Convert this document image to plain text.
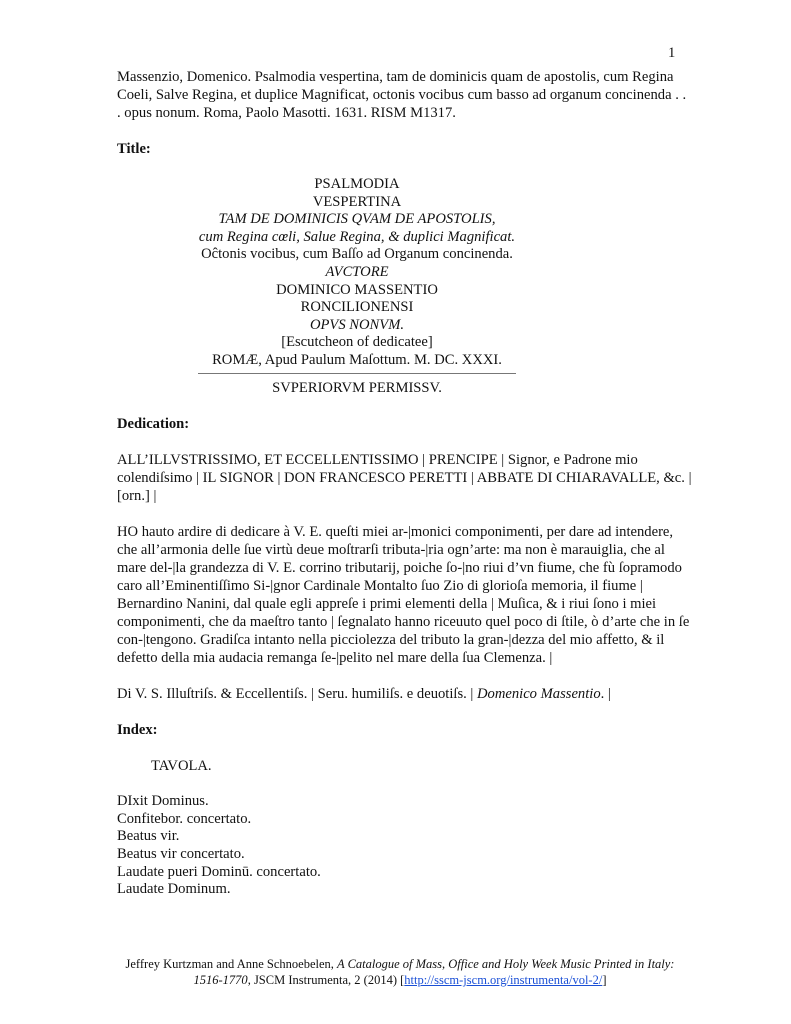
1

Massenzio, Domenico. Psalmodia vespertina, tam de dominicis quam de apostolis, cum Regina Coeli, Salve Regina, et duplice Magnificat, octonis vocibus cum basso ad organum concinenda . . . opus nonum. Roma, Paolo Masotti. 1631. RISM M1317.

Title:

PSALMODIA
VESPERTINA
TAM DE DOMINICIS QVAM DE APOSTOLIS,
cum Regina cœli, Salue Regina, & duplici Magnificat.
Oĉtonis vocibus, cum Baſſo ad Organum concinenda.
AVCTORE
DOMINICO MASSENTIO
RONCILIONENSI
OPVS NONVM.
[Escutcheon of dedicatee]
ROMÆ, Apud Paulum Maſottum. M. DC. XXXI.
SVPERIORVM PERMISSV.

Dedication:

ALL’ILLVSTRISSIMO, ET ECCELLENTISSIMO | PRENCIPE | Signor, e Padrone mio colendiſsimo | IL SIGNOR | DON FRANCESCO PERETTI | ABBATE DI CHIARAVALLE, &c. | [orn.] |

HO hauto ardire di dedicare à V. E. queſti miei ar-|monici componimenti, per dare ad intendere, che all’armonia delle ſue virtù deue moſtrarſi tributa-|ria ogn’arte: ma non è marauiglia, che al mare del-|la grandezza di V. E. corrino tributarij, poiche ſo-|no riui d’vn fiume, che fù ſopramodo caro all’Eminentiſſimo Si-|gnor Cardinale Montalto ſuo Zio di glorioſa memoria, il fiume | Bernardino Nanini, dal quale egli appreſe i primi elementi della | Muſica, & i riui ſono i miei componimenti, che da maeſtro tanto | ſegnalato hanno riceuuto quel poco di ſtile, ò d’arte che in ſe con-|tengono. Gradiſca intanto nella picciolezza del tributo la gran-|dezza del mio affetto, & il defetto della mia audacia remanga ſe-|pelito nel mare della ſua Clemenza. |

Di V. S. Illuſtriſs. & Eccellentiſs. | Seru. humiliſs. e deuotiſs. | Domenico Massentio. |

Index:

TAVOLA.

DIxit Dominus.
Confitebor. concertato.
Beatus vir.
Beatus vir concertato.
Laudate pueri Dominū. concertato.
Laudate Dominum.
Jeffrey Kurtzman and Anne Schnoebelen, A Catalogue of Mass, Office and Holy Week Music Printed in Italy: 1516-1770, JSCM Instrumenta, 2 (2014) [http://sscm-jscm.org/instrumenta/vol-2/]
